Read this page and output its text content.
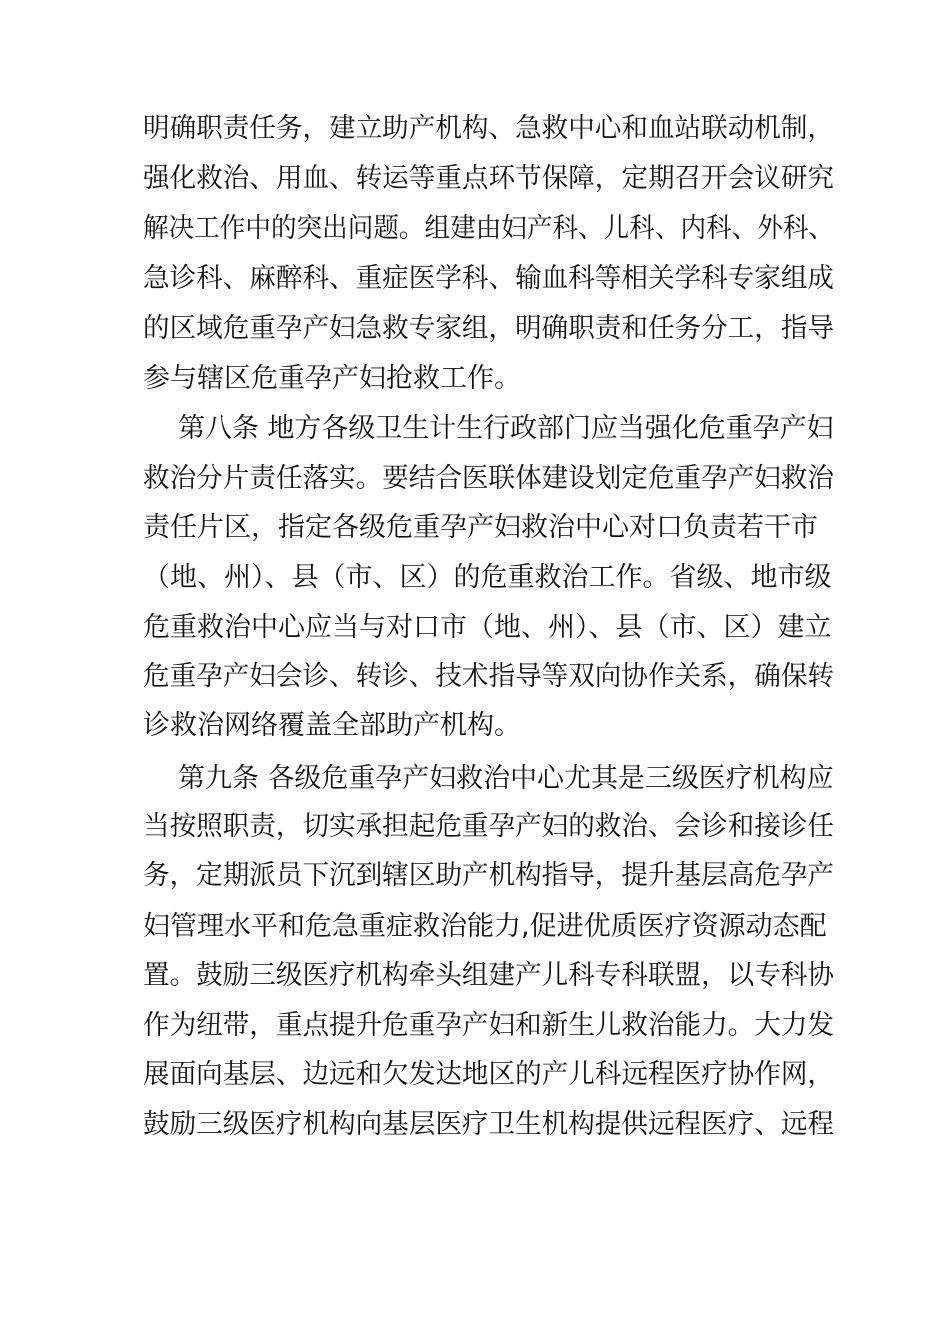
明确职责任务，建立助产机构、急救中心和血站联动机制，
强化救治、用血、转运等重点环节保障，定期召开会议研究
解决工作中的突出问题。组建由妇产科、儿科、内科、外科、
急诊科、麻醉科、重症医学科、输血科等相关学科专家组成
的区域危重孕产妇急救专家组，明确职责和任务分工，指导
参与辖区危重孕产妇抢救工作。
第八条 地方各级卫生计生行政部门应当强化危重孕产妇
救治分片责任落实。要结合医联体建设划定危重孕产妇救治
责任片区，指定各级危重孕产妇救治中心对口负责若干市
（地、州）、县（市、区）的危重救治工作。省级、地市级
危重救治中心应当与对口市（地、州）、县（市、区）建立
危重孕产妇会诊、转诊、技术指导等双向协作关系，确保转
诊救治网络覆盖全部助产机构。
第九条 各级危重孕产妇救治中心尤其是三级医疗机构应
当按照职责，切实承担起危重孕产妇的救治、会诊和接诊任
务，定期派员下沉到辖区助产机构指导，提升基层高危孕产
妇管理水平和危急重症救治能力,促进优质医疗资源动态配
置。鼓励三级医疗机构牵头组建产儿科专科联盟，以专科协
作为纽带，重点提升危重孕产妇和新生儿救治能力。大力发
展面向基层、边远和欠发达地区的产儿科远程医疗协作网，
鼓励三级医疗机构向基层医疗卫生机构提供远程医疗、远程
